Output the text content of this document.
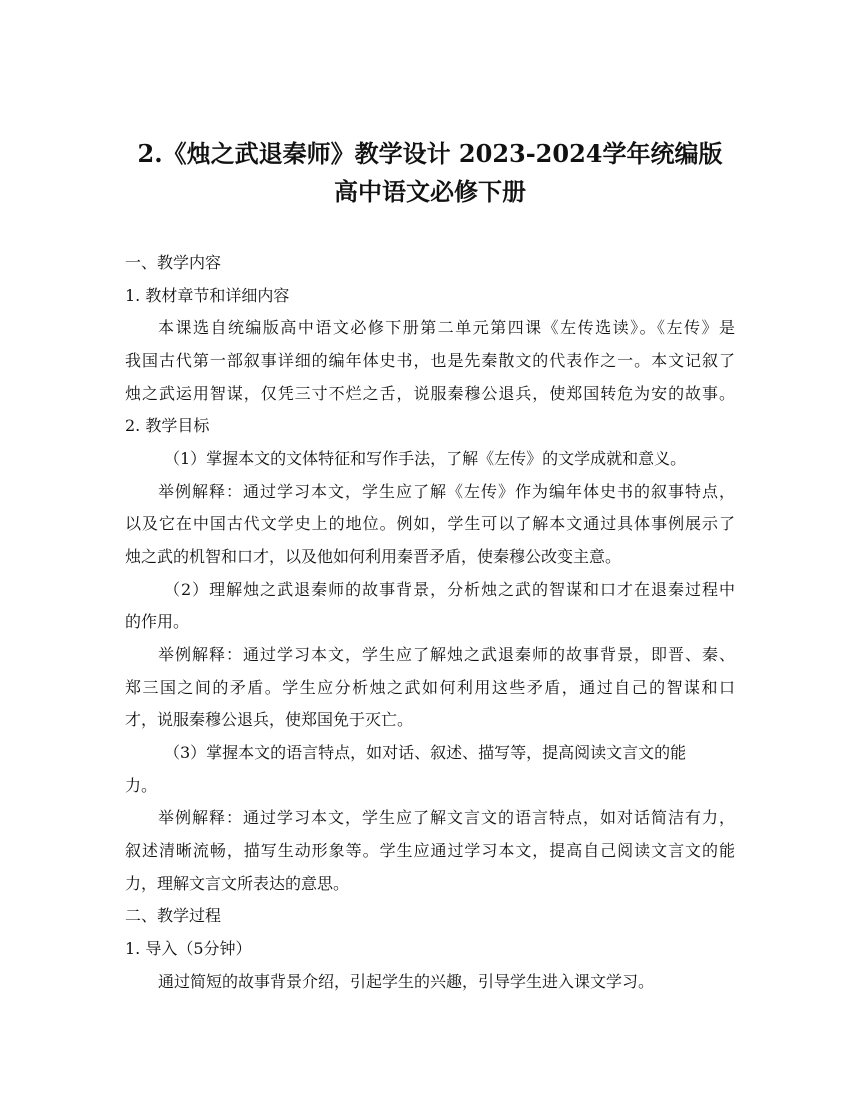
2.《烛之武退秦师》教学设计 2023-2024学年统编版
高中语文必修下册

一、教学内容

1. 教材章节和详细内容

本课选自统编版高中语文必修下册第二单元第四课《左传选读》。《左传》是

我国古代第一部叙事详细的编年体史书，也是先秦散文的代表作之一。本文记叙了

烛之武运用智谋，仅凭三寸不烂之舌，说服秦穆公退兵，使郑国转危为安的故事。

2. 教学目标

（1）掌握本文的文体特征和写作手法，了解《左传》的文学成就和意义。

举例解释：通过学习本文，学生应了解《左传》作为编年体史书的叙事特点，

以及它在中国古代文学史上的地位。例如，学生可以了解本文通过具体事例展示了

烛之武的机智和口才，以及他如何利用秦晋矛盾，使秦穆公改变主意。

（2）理解烛之武退秦师的故事背景，分析烛之武的智谋和口才在退秦过程中

的作用。

举例解释：通过学习本文，学生应了解烛之武退秦师的故事背景，即晋、秦、

郑三国之间的矛盾。学生应分析烛之武如何利用这些矛盾，通过自己的智谋和口

才，说服秦穆公退兵，使郑国免于灭亡。

（3）掌握本文的语言特点，如对话、叙述、描写等，提高阅读文言文的能

力。

举例解释：通过学习本文，学生应了解文言文的语言特点，如对话简洁有力，

叙述清晰流畅，描写生动形象等。学生应通过学习本文，提高自己阅读文言文的能

力，理解文言文所表达的意思。

二、教学过程

1. 导入（5分钟）

通过简短的故事背景介绍，引起学生的兴趣，引导学生进入课文学习。
